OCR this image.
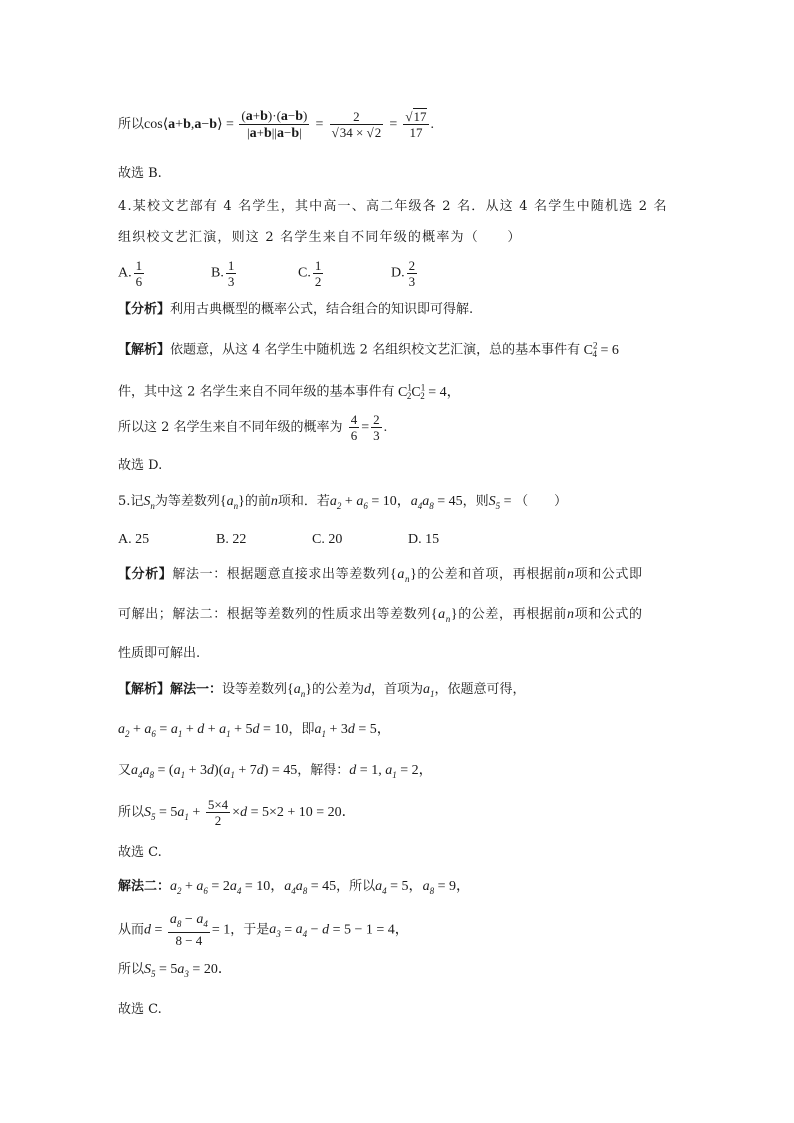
所以cos⟨a+b,a−b⟩ = $\frac{(a+b)\cdot(a-b)}{|a+b||a-b|} = \frac{2}{√34 \times √2} = \frac{√17}{17}$ .
故选 B.
4.某校文艺部有 4 名学生，其中高一、高二年级各 2 名．从这 4 名学生中随机选 2 名
组织校文艺汇演，则这 2 名学生来自不同年级的概率为（　　）
A. $\frac{1}{6}$	B. $\frac{1}{3}$	C. $\frac{1}{2}$	D. $\frac{2}{3}$
【分析】利用古典概型的概率公式，结合组合的知识即可得解.
【解析】依题意，从这 4 名学生中随机选 2 名组织校文艺汇演，总的基本事件有 $C^2_4 = 6$
件，其中这 2 名学生来自不同年级的基本事件有 $C^1_2C^1_2 = 4$，
所以这 2 名学生来自不同年级的概率为 $\frac{4}{6} = \frac{2}{3}$ .
故选 D.
5.记$S_n$为等差数列$\{a_n\}$的前n项和．若$a_2 + a_6 = 10$，$a_4a_8 = 45$，则$S_5$ = （　　）
A. 25	B. 22	C. 20	D. 15
【分析】解法一：根据题意直接求出等差数列$\{a_n\}$的公差和首项，再根据前n项和公式即
可解出；解法二：根据等差数列的性质求出等差数列$\{a_n\}$的公差，再根据前n项和公式的
性质即可解出.
【解析】解法一：设等差数列$\{a_n\}$的公差为d，首项为$a_1$，依题意可得，
$a_2 + a_6 = a_1 + d + a_1 + 5d = 10$，即$a_1 + 3d = 5$，
又$a_4a_8 = (a_1 + 3d)(a_1 + 7d) = 45$，解得：d = 1, $a_1 = 2$，
所以$S_5 = 5a_1 + \frac{5\times 4}{2} \times d = 5\times 2 + 10 = 20$．
故选 C.
解法二：$a_2 + a_6 = 2a_4 = 10$，$a_4a_8 = 45$，所以$a_4 = 5$，$a_8 = 9$，
从而$d = \frac{a_8 - a_4}{8 - 4} = 1$，于是$a_3 = a_4 - d = 5 - 1 = 4$，
所以$S_5 = 5a_3 = 20$．
故选 C.
